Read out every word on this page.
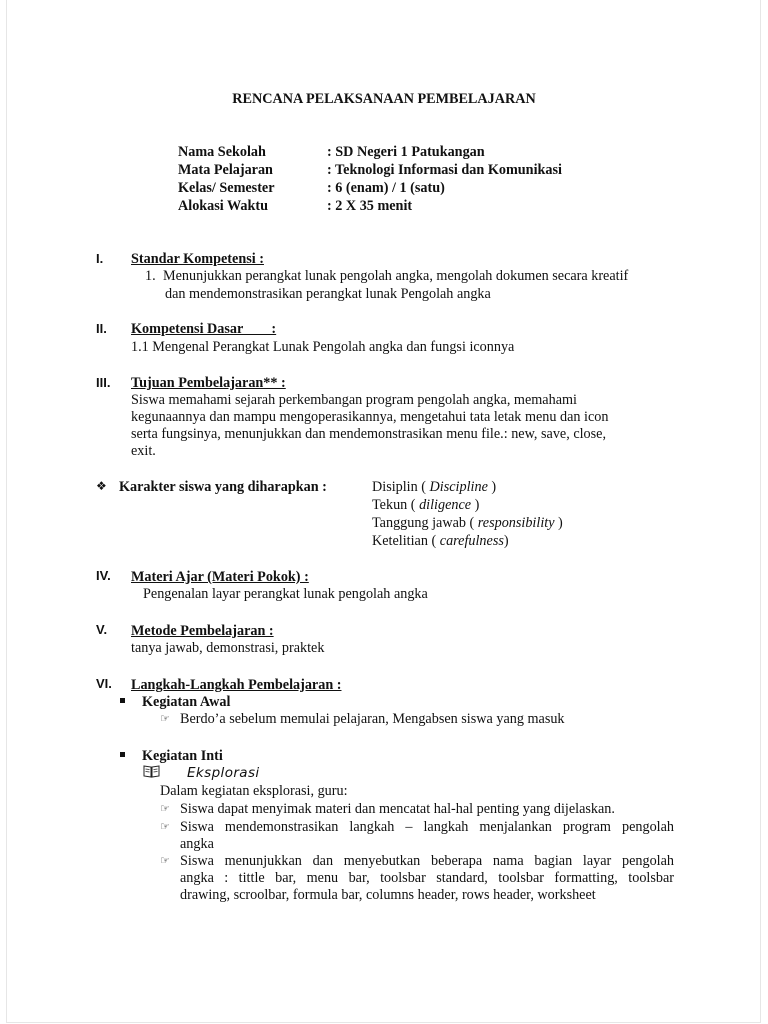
RENCANA PELAKSANAAN PEMBELAJARAN
Nama Sekolah	: SD Negeri 1 Patukangan
Mata Pelajaran	: Teknologi Informasi dan Komunikasi
Kelas/ Semester	: 6 (enam) / 1 (satu)
Alokasi Waktu	: 2 X 35 menit
I. Standar Kompetensi :
1. Menunjukkan perangkat lunak pengolah angka, mengolah dokumen secara kreatif
dan mendemonstrasikan perangkat lunak Pengolah angka
II. Kompetensi Dasar        :
1.1 Mengenal Perangkat Lunak Pengolah angka dan fungsi iconnya
III. Tujuan Pembelajaran** :
Siswa memahami sejarah perkembangan program pengolah angka, memahami
kegunaannya dan mampu mengoperasikannya, mengetahui tata letak menu dan icon
serta fungsinya, menunjukkan dan mendemonstrasikan menu file.: new, save, close,
exit.
❖ Karakter siswa yang diharapkan :	Disiplin ( Discipline )
Tekun ( diligence )
Tanggung jawab ( responsibility )
Ketelitian ( carefulness)
IV. Materi Ajar (Materi Pokok) :
Pengenalan layar perangkat lunak pengolah angka
V. Metode Pembelajaran :
tanya jawab, demonstrasi, praktek
VI. Langkah-Langkah Pembelajaran :
Kegiatan Awal
☞ Berdo’a sebelum memulai pelajaran, Mengabsen siswa yang masuk
Kegiatan Inti
Eksplorasi
Dalam kegiatan eksplorasi, guru:
☞ Siswa dapat menyimak materi dan mencatat hal-hal penting yang dijelaskan.
☞ Siswa mendemonstrasikan langkah – langkah menjalankan program pengolah
angka
☞ Siswa menunjukkan dan menyebutkan beberapa nama bagian layar pengolah
angka : tittle bar, menu bar, toolsbar standard, toolsbar formatting, toolsbar
drawing, scroolbar, formula bar, columns header, rows header, worksheet
